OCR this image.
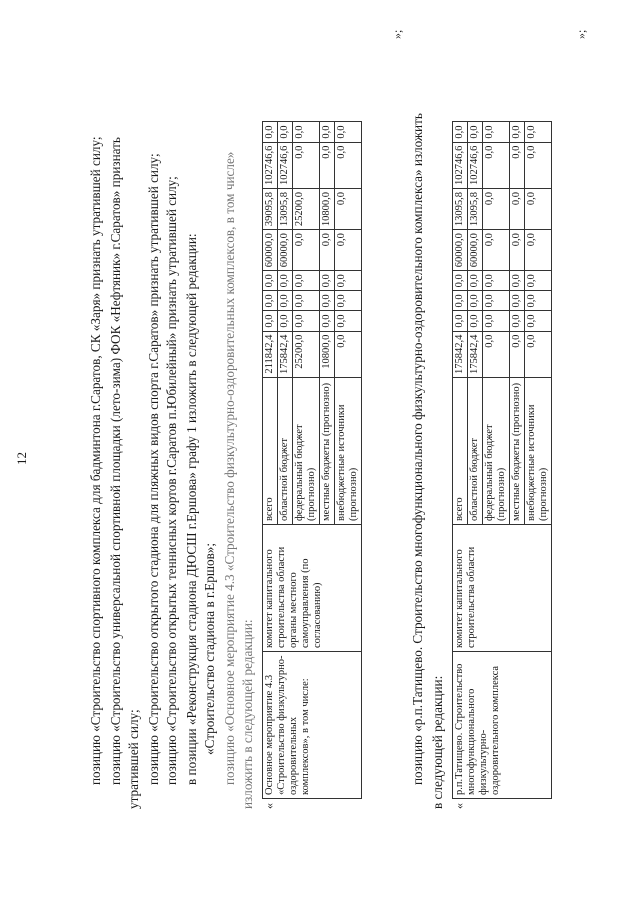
12	позицию «Строительство спортивного комплекса для бадминтона г.Саратов, СК «Заря» признать утратившей силу; позицию «Строительство универсальной спортивной площадки (лето-зима) ФОК «Нефтяник» г.Саратов» признать утратившей силу; позицию «Строительство открытого стадиона для пляжных видов спорта г.Саратов» признать утратившей силу; позицию «Строительство открытых теннисных кортов г.Саратов п.Юбилейный» признать утратившей силу; в позиции «Реконструкция стадиона ДЮСШ г.Ершова» графу 1 изложить в следующей редакции: «Строительство стадиона в г.Ершов»; позицию «Основное мероприятие 4.3 «Строительство физкультурно-оздоровительных комплексов, в том числе» изложить в следующей редакции: «
Основное мероприятие 4.3 «Строительство физкультурно-оздоровительных комплексов», в том числе:	комитет капитального строительства области органы местного самоуправления (по согласованию)	всего	211842,4	0,0	0,0	0,0	60000,0	39095,8	102746,6	0,0
		областной бюджет	175842,4	0,0	0,0	0,0	60000,0	13095,8	102746,6	0,0
		федеральный бюджет (прогнозно)	25200,0	0,0	0,0	0,0	0,0	25200,0	0,0	0,0
		местные бюджеты (прогнозно)	10800,0	0,0	0,0	0,0	0,0	10800,0	0,0	0,0
		внебюджетные источники (прогнозно)	0,0	0,0	0,0	0,0	0,0	0,0	0,0	0,0
»;
позицию «р.п.Татищево. Строительство многофункционального физкультурно-оздоровительного комплекса» изложить в следующей редакции: «
р.п.Татищево. Строительство многофункционального физкультурно-оздоровительного комплекса	комитет капитального строительства области	всего	175842,4	0,0	0,0	0,0	60000,0	13095,8	102746,6	0,0
		областной бюджет	175842,4	0,0	0,0	0,0	60000,0	13095,8	102746,6	0,0
		федеральный бюджет (прогнозно)	0,0	0,0	0,0	0,0	0,0	0,0	0,0	0,0
		местные бюджеты (прогнозно)	0,0	0,0	0,0	0,0	0,0	0,0	0,0	0,0
		внебюджетные источники (прогнозно)	0,0	0,0	0,0	0,0	0,0	0,0	0,0	0,0
»;
